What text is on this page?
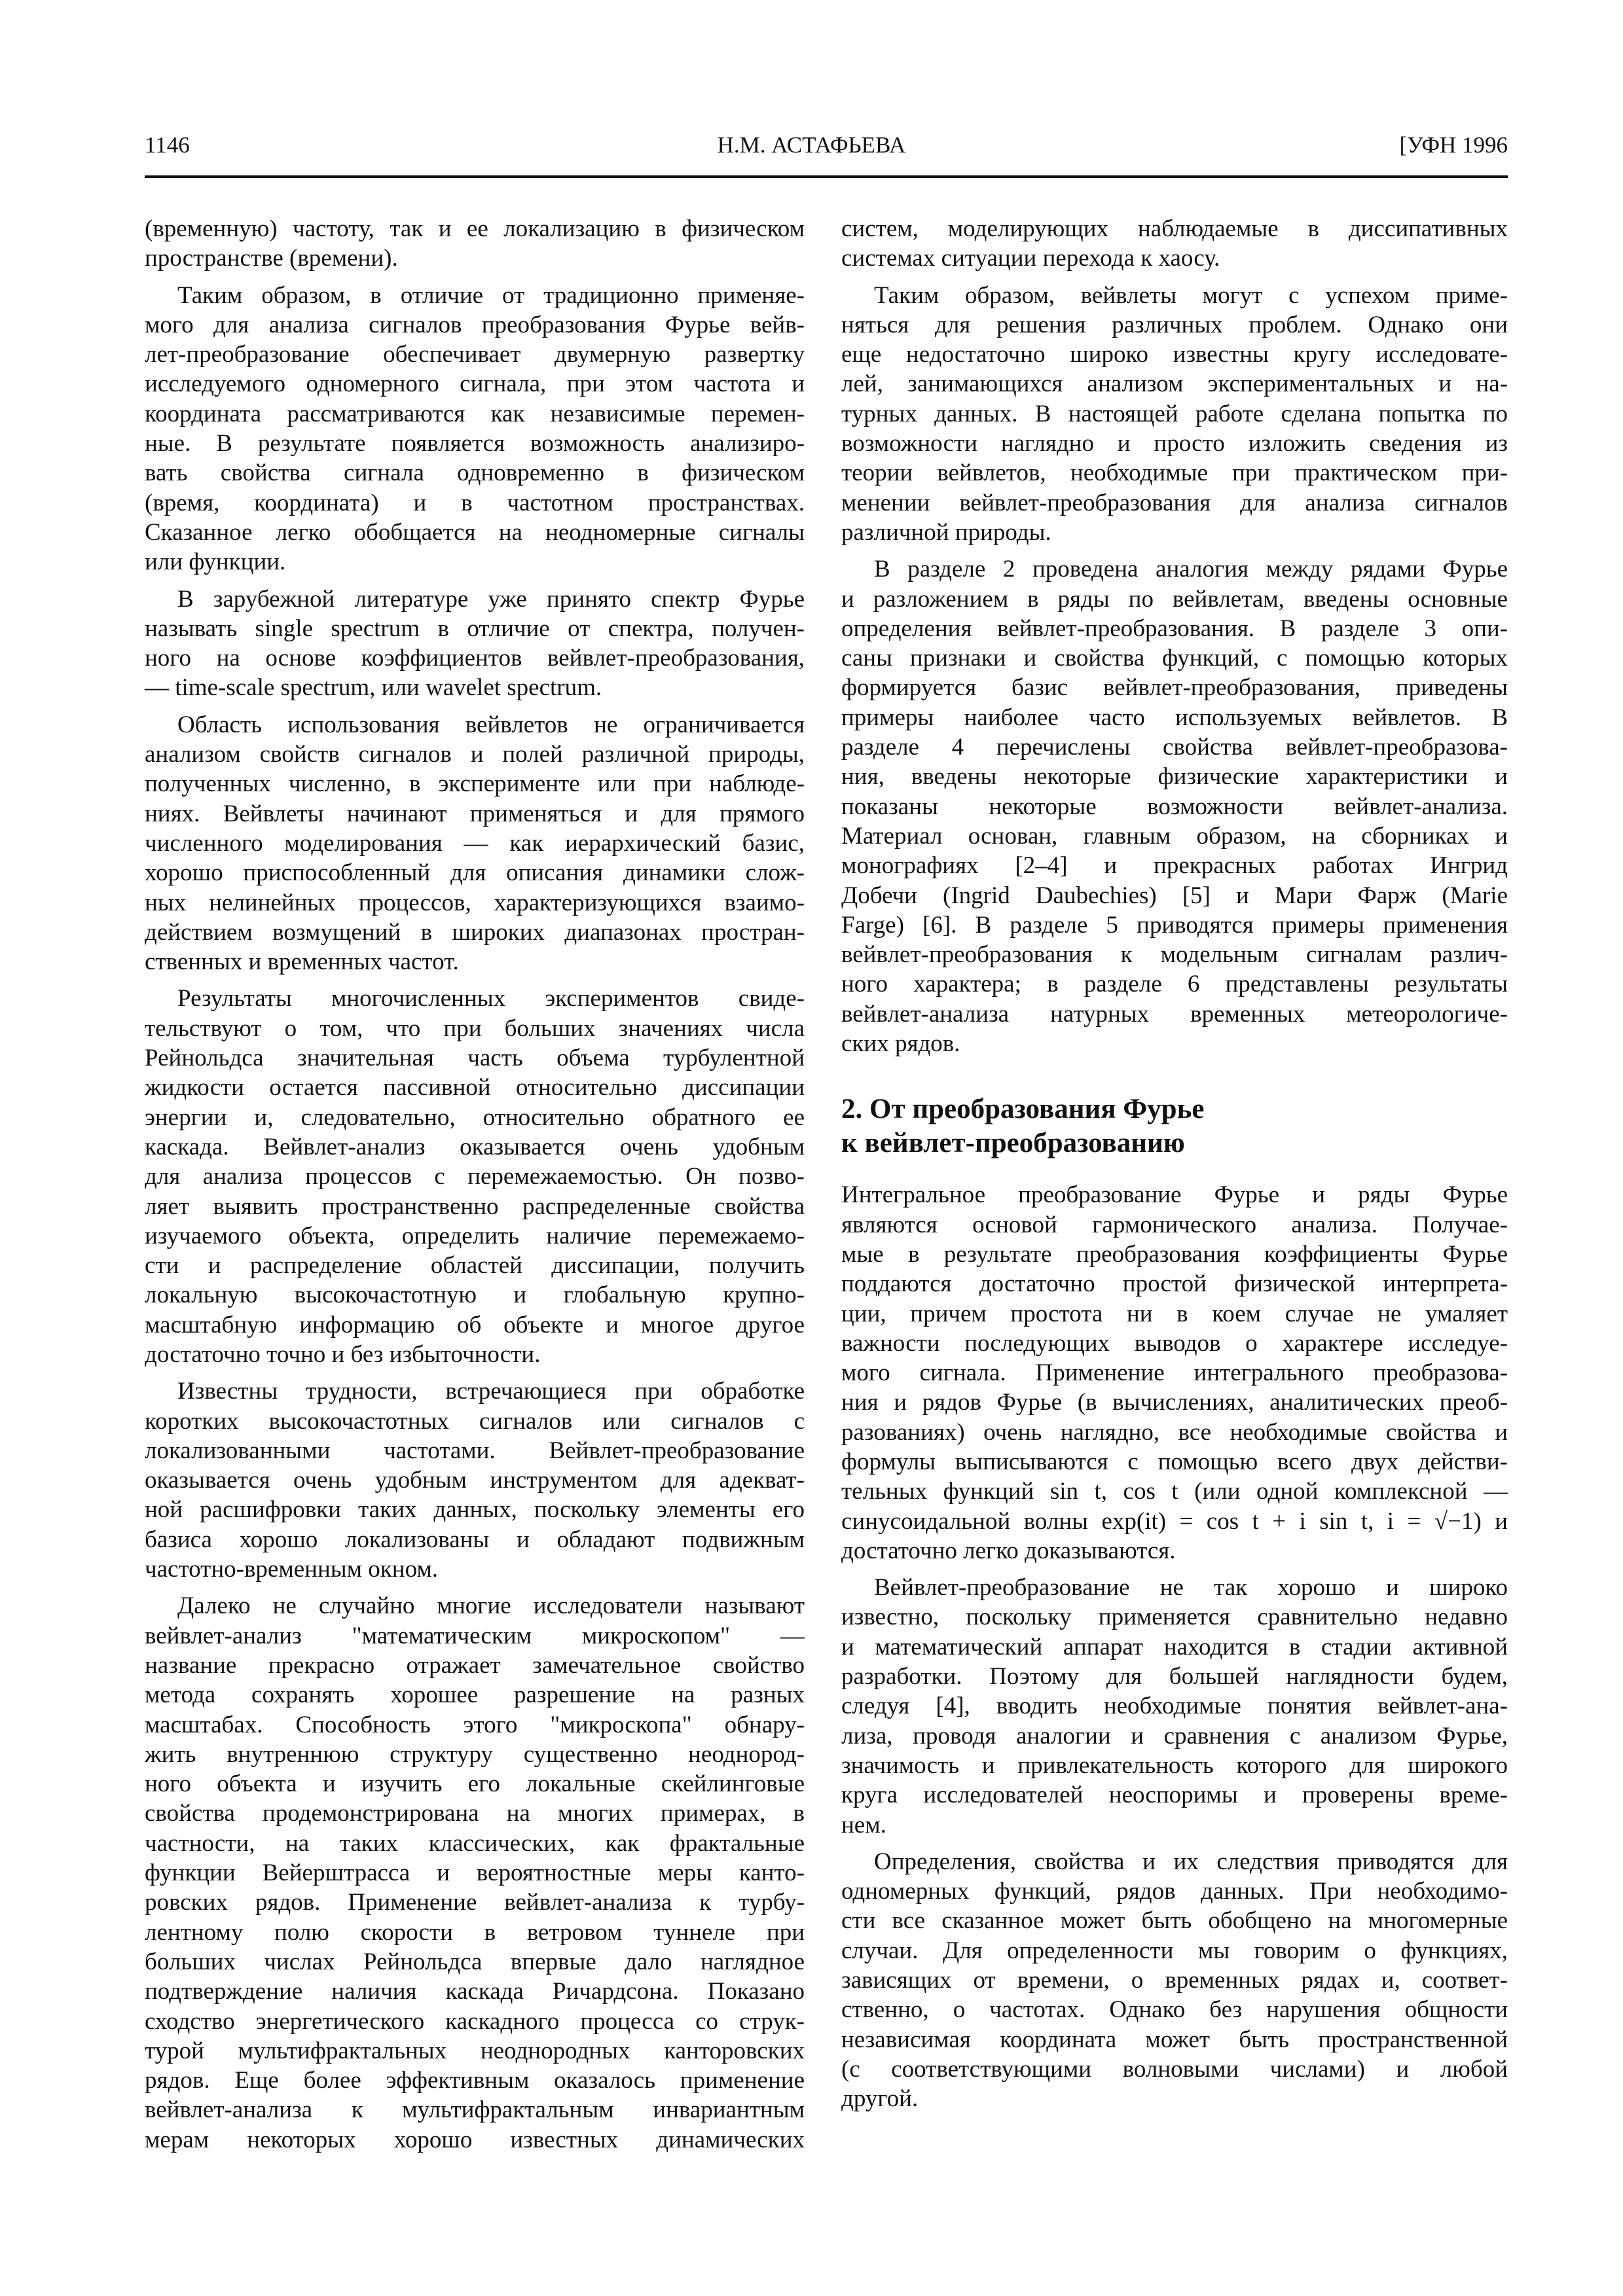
1146	Н.М. АСТАФЬЕВА	[УФН 1996
(временную) частоту, так и ее локализацию в физическом
пространстве (времени).
Таким образом, в отличие от традиционно применяе-
мого для анализа сигналов преобразования Фурье вейв-
лет-преобразование обеспечивает двумерную развертку
исследуемого одномерного сигнала, при этом частота и
координата рассматриваются как независимые перемен-
ные. В результате появляется возможность анализиро-
вать свойства сигнала одновременно в физическом
(время, координата) и в частотном пространствах.
Сказанное легко обобщается на неодномерные сигналы
или функции.
В зарубежной литературе уже принято спектр Фурье
называть single spectrum в отличие от спектра, получен-
ного на основе коэффициентов вейвлет-преобразования,
— time-scale spectrum, или wavelet spectrum.
Область использования вейвлетов не ограничивается
анализом свойств сигналов и полей различной природы,
полученных численно, в эксперименте или при наблюде-
ниях. Вейвлеты начинают применяться и для прямого
численного моделирования — как иерархический базис,
хорошо приспособленный для описания динамики слож-
ных нелинейных процессов, характеризующихся взаимо-
действием возмущений в широких диапазонах простран-
ственных и временных частот.
Результаты многочисленных экспериментов свиде-
тельствуют о том, что при больших значениях числа
Рейнольдса значительная часть объема турбулентной
жидкости остается пассивной относительно диссипации
энергии и, следовательно, относительно обратного ее
каскада. Вейвлет-анализ оказывается очень удобным
для анализа процессов с перемежаемостью. Он позво-
ляет выявить пространственно распределенные свойства
изучаемого объекта, определить наличие перемежаемо-
сти и распределение областей диссипации, получить
локальную высокочастотную и глобальную крупно-
масштабную информацию об объекте и многое другое
достаточно точно и без избыточности.
Известны трудности, встречающиеся при обработке
коротких высокочастотных сигналов или сигналов с
локализованными частотами. Вейвлет-преобразование
оказывается очень удобным инструментом для адекват-
ной расшифровки таких данных, поскольку элементы его
базиса хорошо локализованы и обладают подвижным
частотно-временным окном.
Далеко не случайно многие исследователи называют
вейвлет-анализ "математическим микроскопом" —
название прекрасно отражает замечательное свойство
метода сохранять хорошее разрешение на разных
масштабах. Способность этого "микроскопа" обнару-
жить внутреннюю структуру существенно неоднород-
ного объекта и изучить его локальные скейлинговые
свойства продемонстрирована на многих примерах, в
частности, на таких классических, как фрактальные
функции Вейерштрасса и вероятностные меры канто-
ровских рядов. Применение вейвлет-анализа к турбу-
лентному полю скорости в ветровом туннеле при
больших числах Рейнольдса впервые дало наглядное
подтверждение наличия каскада Ричардсона. Показано
сходство энергетического каскадного процесса со струк-
турой мультифрактальных неоднородных канторовских
рядов. Еще более эффективным оказалось применение
вейвлет-анализа к мультифрактальным инвариантным
мерам некоторых хорошо известных динамических
систем, моделирующих наблюдаемые в диссипативных
системах ситуации перехода к хаосу.
Таким образом, вейвлеты могут с успехом приме-
няться для решения различных проблем. Однако они
еще недостаточно широко известны кругу исследовате-
лей, занимающихся анализом экспериментальных и на-
турных данных. В настоящей работе сделана попытка по
возможности наглядно и просто изложить сведения из
теории вейвлетов, необходимые при практическом при-
менении вейвлет-преобразования для анализа сигналов
различной природы.
В разделе 2 проведена аналогия между рядами Фурье
и разложением в ряды по вейвлетам, введены основные
определения вейвлет-преобразования. В разделе 3 опи-
саны признаки и свойства функций, с помощью которых
формируется базис вейвлет-преобразования, приведены
примеры наиболее часто используемых вейвлетов. В
разделе 4 перечислены свойства вейвлет-преобразова-
ния, введены некоторые физические характеристики и
показаны некоторые возможности вейвлет-анализа.
Материал основан, главным образом, на сборниках и
монографиях [2–4] и прекрасных работах Ингрид
Добечи (Ingrid Daubechies) [5] и Мари Фарж (Marie
Farge) [6]. В разделе 5 приводятся примеры применения
вейвлет-преобразования к модельным сигналам различ-
ного характера; в разделе 6 представлены результаты
вейвлет-анализа натурных временных метеорологиче-
ских рядов.
2. От преобразования Фурье
к вейвлет-преобразованию
Интегральное преобразование Фурье и ряды Фурье
являются основой гармонического анализа. Получае-
мые в результате преобразования коэффициенты Фурье
поддаются достаточно простой физической интерпрета-
ции, причем простота ни в коем случае не умаляет
важности последующих выводов о характере исследуе-
мого сигнала. Применение интегрального преобразова-
ния и рядов Фурье (в вычислениях, аналитических преоб-
разованиях) очень наглядно, все необходимые свойства и
формулы выписываются с помощью всего двух действи-
тельных функций sin t, cos t (или одной комплексной —
синусоидальной волны exp(it) = cos t + i sin t, i = √−1) и
достаточно легко доказываются.
Вейвлет-преобразование не так хорошо и широко
известно, поскольку применяется сравнительно недавно
и математический аппарат находится в стадии активной
разработки. Поэтому для большей наглядности будем,
следуя [4], вводить необходимые понятия вейвлет-ана-
лиза, проводя аналогии и сравнения с анализом Фурье,
значимость и привлекательность которого для широкого
круга исследователей неоспоримы и проверены време-
нем.
Определения, свойства и их следствия приводятся для
одномерных функций, рядов данных. При необходимо-
сти все сказанное может быть обобщено на многомерные
случаи. Для определенности мы говорим о функциях,
зависящих от времени, о временных рядах и, соответ-
ственно, о частотах. Однако без нарушения общности
независимая координата может быть пространственной
(с соответствующими волновыми числами) и любой
другой.
